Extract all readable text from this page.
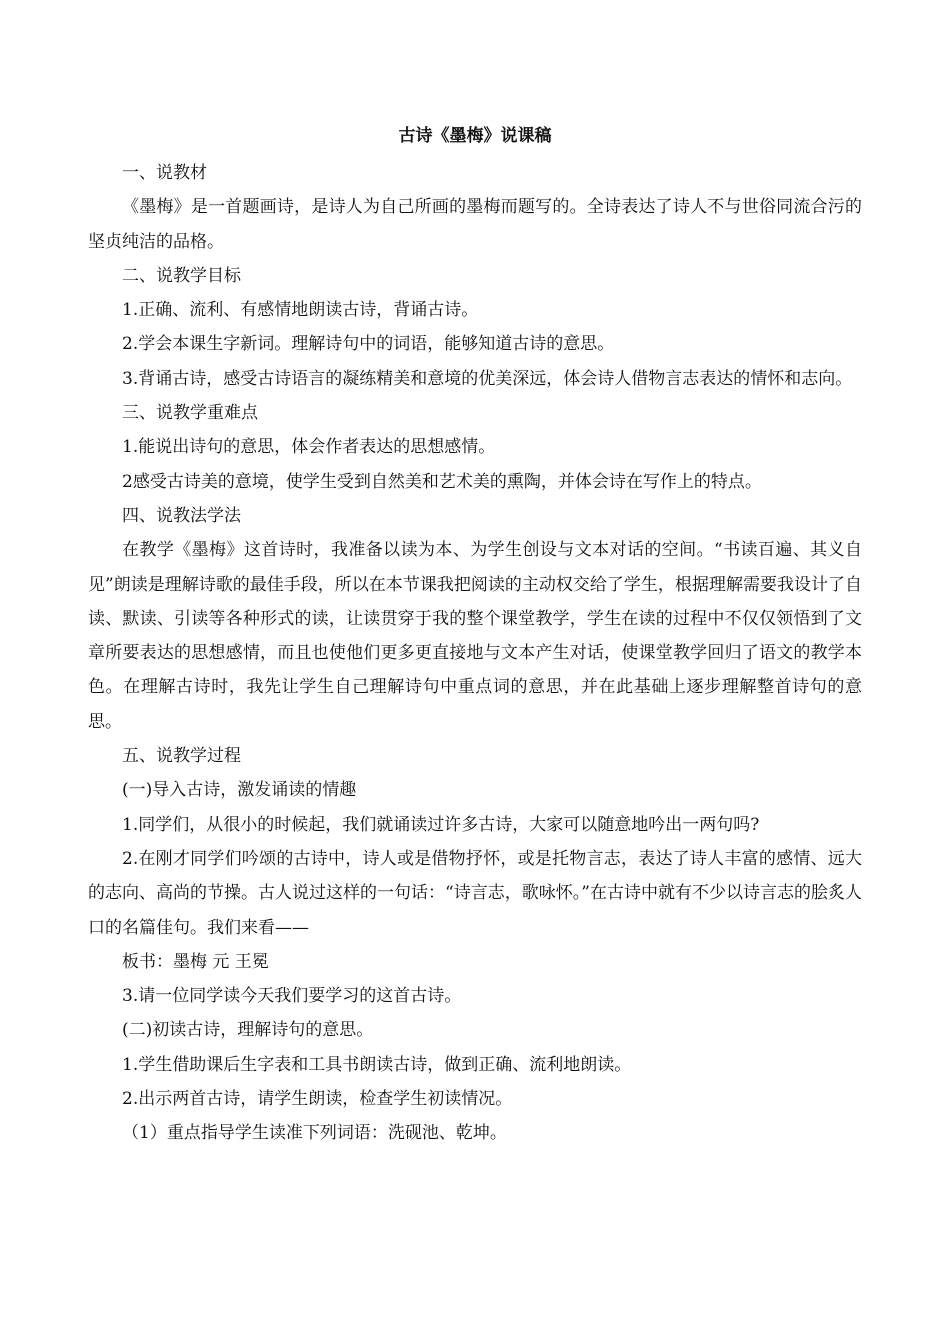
古诗《墨梅》说课稿
一、说教材
《墨梅》是一首题画诗，是诗人为自己所画的墨梅而题写的。全诗表达了诗人不与世俗同流合污的坚贞纯洁的品格。
二、说教学目标
1.正确、流利、有感情地朗读古诗，背诵古诗。
2.学会本课生字新词。理解诗句中的词语，能够知道古诗的意思。
3.背诵古诗，感受古诗语言的凝练精美和意境的优美深远，体会诗人借物言志表达的情怀和志向。
三、说教学重难点
1.能说出诗句的意思，体会作者表达的思想感情。
2感受古诗美的意境，使学生受到自然美和艺术美的熏陶，并体会诗在写作上的特点。
四、说教法学法
在教学《墨梅》这首诗时，我准备以读为本、为学生创设与文本对话的空间。“书读百遍、其义自见”朗读是理解诗歌的最佳手段，所以在本节课我把阅读的主动权交给了学生，根据理解需要我设计了自读、默读、引读等各种形式的读，让读贯穿于我的整个课堂教学，学生在读的过程中不仅仅领悟到了文章所要表达的思想感情，而且也使他们更多更直接地与文本产生对话，使课堂教学回归了语文的教学本色。在理解古诗时，我先让学生自己理解诗句中重点词的意思，并在此基础上逐步理解整首诗句的意思。
五、说教学过程
(一)导入古诗，激发诵读的情趣
1.同学们，从很小的时候起，我们就诵读过许多古诗，大家可以随意地吟出一两句吗?
2.在刚才同学们吟颂的古诗中，诗人或是借物抒怀，或是托物言志，表达了诗人丰富的感情、远大的志向、高尚的节操。古人说过这样的一句话：“诗言志，歌咏怀。”在古诗中就有不少以诗言志的脍炙人口的名篇佳句。我们来看——
板书：墨梅 元 王冕
3.请一位同学读今天我们要学习的这首古诗。
(二)初读古诗，理解诗句的意思。
1.学生借助课后生字表和工具书朗读古诗，做到正确、流利地朗读。
2.出示两首古诗，请学生朗读，检查学生初读情况。
（1）重点指导学生读准下列词语：洗砚池、乾坤。
